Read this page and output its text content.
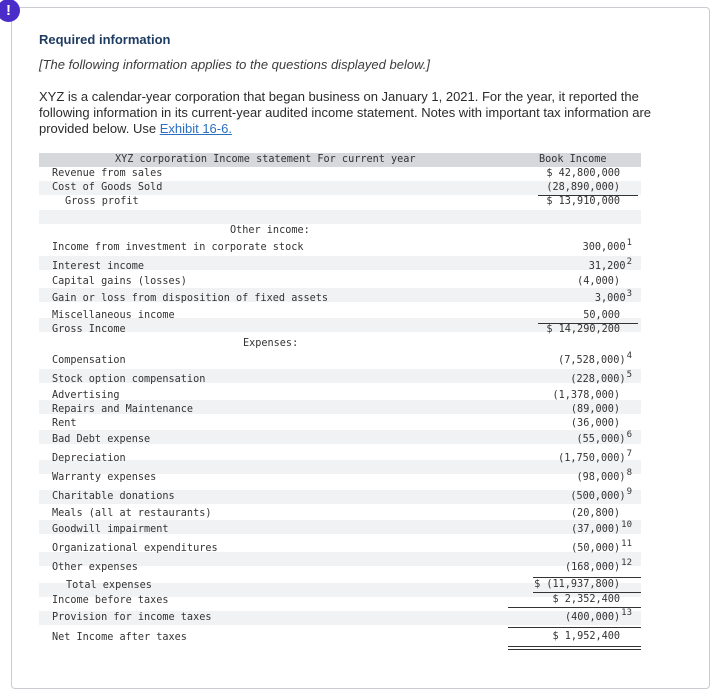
!
Required information
[The following information applies to the questions displayed below.]
XYZ is a calendar-year corporation that began business on January 1, 2021. For the year, it reported the following information in its current-year audited income statement. Notes with important tax information are provided below. Use Exhibit 16-6.
XYZ corporation Income statement For current year	Book Income
Revenue from sales	$ 42,800,000
Cost of Goods Sold	(28,890,000)
Gross profit	$ 13,910,000
Other income:
Income from investment in corporate stock	300,000$^1$
Interest income	31,200$^2$
Capital gains (losses)	(4,000)
Gain or loss from disposition of fixed assets	3,000$^3$
Miscellaneous income	50,000
Gross Income	$ 14,290,200
Expenses:
Compensation	$(7,528,000)^4$
Stock option compensation	$(228,000)^5$
Advertising	(1,378,000)
Repairs and Maintenance	(89,000)
Rent	(36,000)
Bad Debt expense	$(55,000)^6$
Depreciation	$(1,750,000)^7$
Warranty expenses	$(98,000)^8$
Charitable donations	$(500,000)^9$
Meals (all at restaurants)	(20,800)
Goodwill impairment	$(37,000)^{10}$
Organizational expenditures	$(50,000)^{11}$
Other expenses	$(168,000)^{12}$
Total expenses	$ (11,937,800)
Income before taxes	$ 2,352,400
Provision for income taxes	$(400,000)^{13}$
Net Income after taxes	$ 1,952,400
